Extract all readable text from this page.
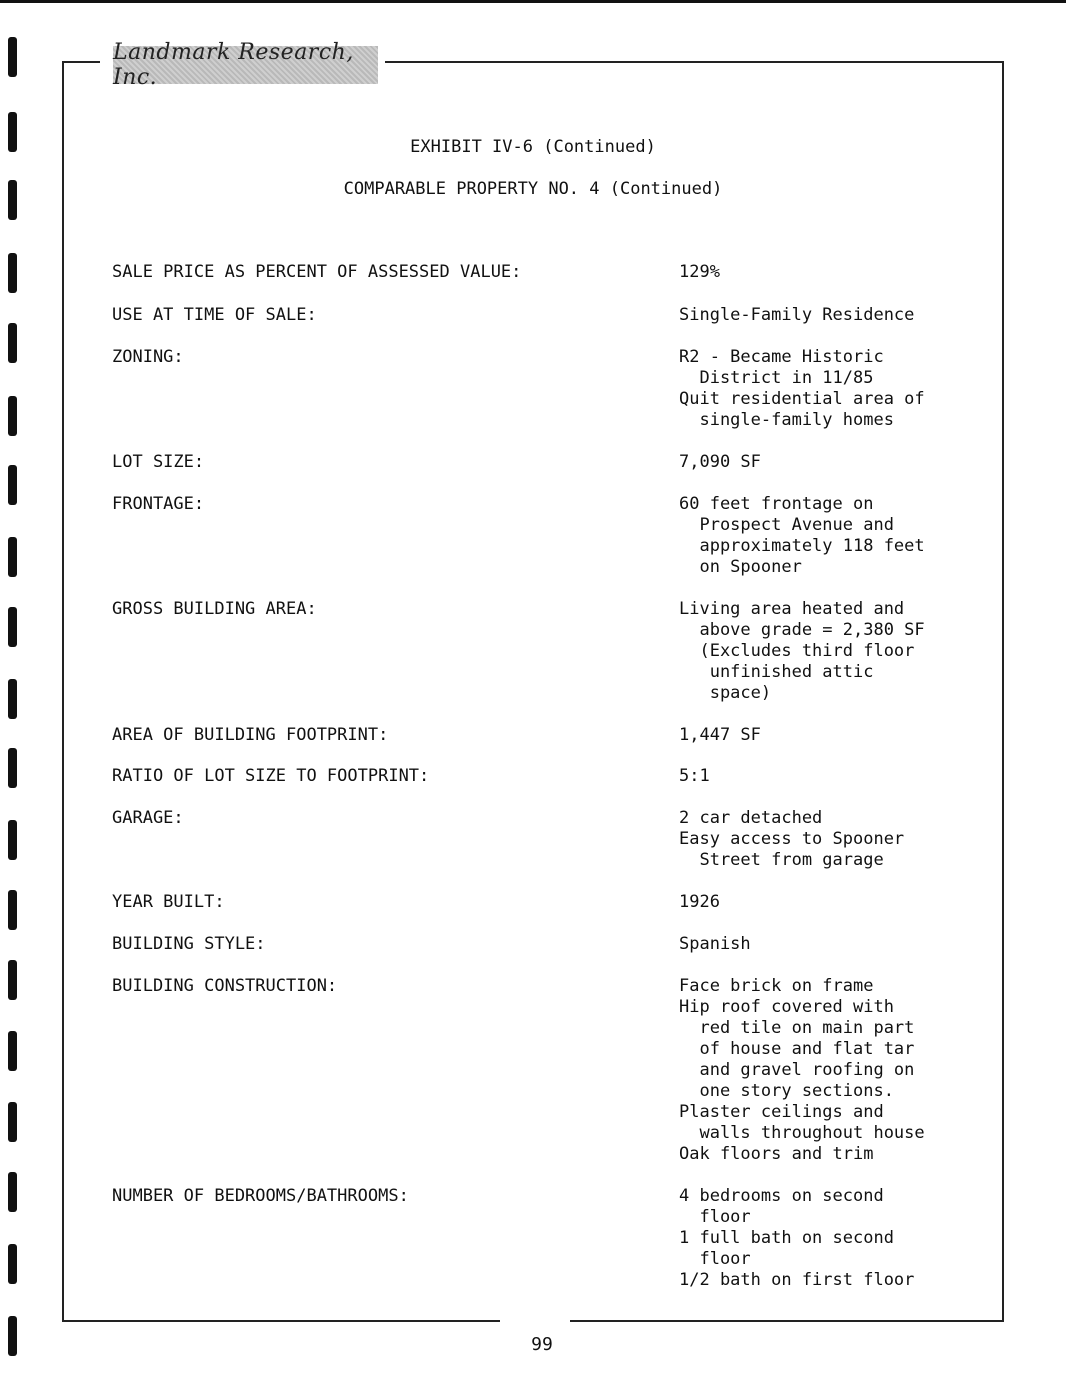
Landmark Research, Inc.
EXHIBIT IV-6 (Continued)
COMPARABLE PROPERTY NO. 4 (Continued)
SALE PRICE AS PERCENT OF ASSESSED VALUE:	129%
USE AT TIME OF SALE:	Single-Family Residence
ZONING:	R2 - Became Historic
District in 11/85
Quit residential area of
single-family homes
LOT SIZE:	7,090 SF
FRONTAGE:	60 feet frontage on
Prospect Avenue and
approximately 118 feet
on Spooner
GROSS BUILDING AREA:	Living area heated and
above grade = 2,380 SF
(Excludes third floor
unfinished attic
space)
AREA OF BUILDING FOOTPRINT:	1,447 SF
RATIO OF LOT SIZE TO FOOTPRINT:	5:1
GARAGE:	2 car detached
Easy access to Spooner
Street from garage
YEAR BUILT:	1926
BUILDING STYLE:	Spanish
BUILDING CONSTRUCTION:	Face brick on frame
Hip roof covered with
red tile on main part
of house and flat tar
and gravel roofing on
one story sections.
Plaster ceilings and
walls throughout house
Oak floors and trim
NUMBER OF BEDROOMS/BATHROOMS:	4 bedrooms on second
floor
1 full bath on second
floor
1/2 bath on first floor
99
